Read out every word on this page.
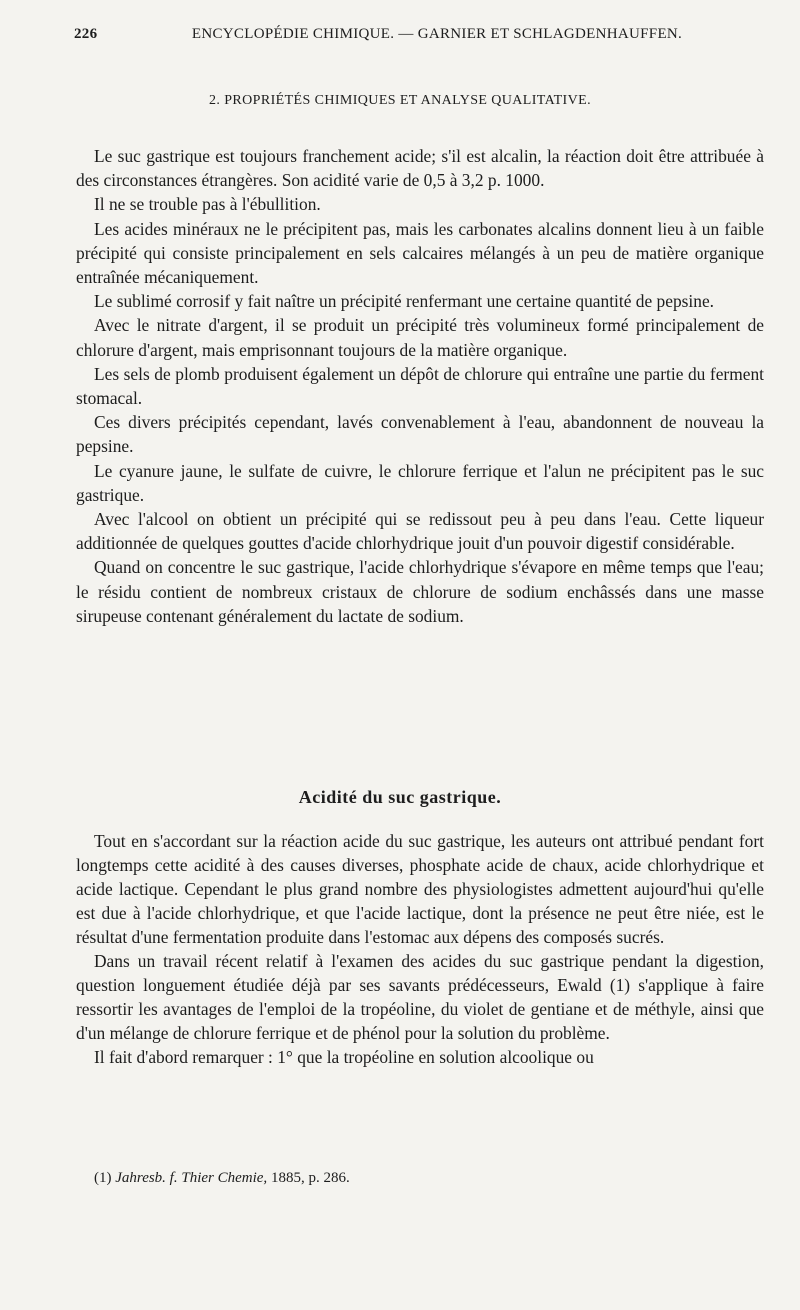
226	ENCYCLOPÉDIE CHIMIQUE. — GARNIER ET SCHLAGDENHAUFFEN.
2. PROPRIÉTÉS CHIMIQUES ET ANALYSE QUALITATIVE.

Le suc gastrique est toujours franchement acide; s'il est alcalin, la réaction doit être attribuée à des circonstances étrangères. Son acidité varie de 0,5 à 3,2 p. 1000.

Il ne se trouble pas à l'ébullition.

Les acides minéraux ne le précipitent pas, mais les carbonates alcalins donnent lieu à un faible précipité qui consiste principalement en sels calcaires mélangés à un peu de matière organique entraînée mécaniquement.

Le sublimé corrosif y fait naître un précipité renfermant une certaine quantité de pepsine.

Avec le nitrate d'argent, il se produit un précipité très volumineux formé principalement de chlorure d'argent, mais emprisonnant toujours de la matière organique.

Les sels de plomb produisent également un dépôt de chlorure qui entraîne une partie du ferment stomacal.

Ces divers précipités cependant, lavés convenablement à l'eau, abandonnent de nouveau la pepsine.

Le cyanure jaune, le sulfate de cuivre, le chlorure ferrique et l'alun ne précipitent pas le suc gastrique.

Avec l'alcool on obtient un précipité qui se redissout peu à peu dans l'eau. Cette liqueur additionnée de quelques gouttes d'acide chlorhydrique jouit d'un pouvoir digestif considérable.

Quand on concentre le suc gastrique, l'acide chlorhydrique s'évapore en même temps que l'eau; le résidu contient de nombreux cristaux de chlorure de sodium enchâssés dans une masse sirupeuse contenant généralement du lactate de sodium.

Acidité du suc gastrique.

Tout en s'accordant sur la réaction acide du suc gastrique, les auteurs ont attribué pendant fort longtemps cette acidité à des causes diverses, phosphate acide de chaux, acide chlorhydrique et acide lactique. Cependant le plus grand nombre des physiologistes admettent aujourd'hui qu'elle est due à l'acide chlorhydrique, et que l'acide lactique, dont la présence ne peut être niée, est le résultat d'une fermentation produite dans l'estomac aux dépens des composés sucrés.

Dans un travail récent relatif à l'examen des acides du suc gastrique pendant la digestion, question longuement étudiée déjà par ses savants prédécesseurs, Ewald (1) s'applique à faire ressortir les avantages de l'emploi de la tropéoline, du violet de gentiane et de méthyle, ainsi que d'un mélange de chlorure ferrique et de phénol pour la solution du problème.

Il fait d'abord remarquer : 1° que la tropéoline en solution alcoolique ou

(1) Jahresb. f. Thier Chemie, 1885, p. 286.
